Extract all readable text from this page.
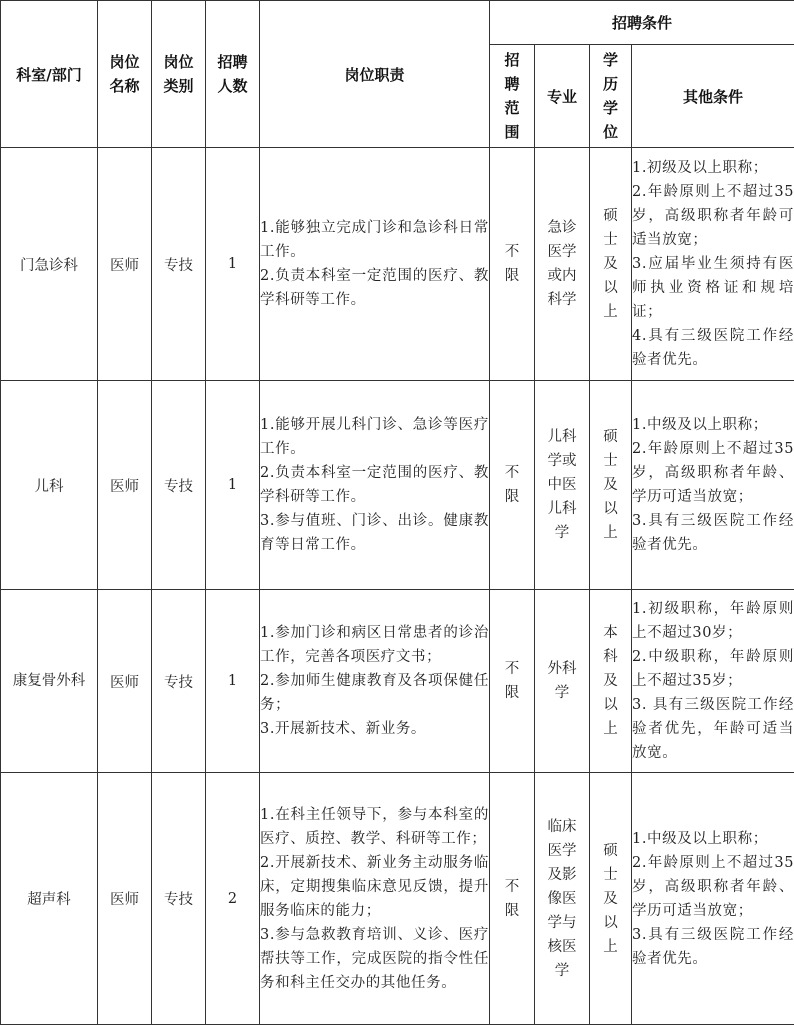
科室/部门	岗位名称	岗位类别	招聘人数	岗位职责	招聘条件			

					招聘范围	专业	学历学位	其他条件
门急诊科	医师	专技	1	1.能够独立完成门诊和急诊科日常工作。
2.负责本科室一定范围的医疗、教学科研等工作。	不限	急诊医学或内科学	硕士及以上	1.初级及以上职称；
2.年龄原则上不超过35岁，高级职称者年龄可适当放宽；
3.应届毕业生须持有医师执业资格证和规培证；
4.具有三级医院工作经验者优先。

儿科	医师	专技	1	1.能够开展儿科门诊、急诊等医疗工作。
2.负责本科室一定范围的医疗、教学科研等工作。
3.参与值班、门诊、出诊。健康教育等日常工作。	不限	儿科学或中医儿科学	硕士及以上	1.中级及以上职称；
2.年龄原则上不超过35岁，高级职称者年龄、学历可适当放宽；
3.具有三级医院工作经验者优先。

康复骨外科	医师	专技	1	1.参加门诊和病区日常患者的诊治工作，完善各项医疗文书；
2.参加师生健康教育及各项保健任务；
3.开展新技术、新业务。	不限	外科学	本科及以上	1.初级职称，年龄原则上不超过30岁；
2.中级职称，年龄原则上不超过35岁；
3. 具有三级医院工作经验者优先，年龄可适当放宽。

超声科	医师	专技	2	1.在科主任领导下，参与本科室的医疗、质控、教学、科研等工作；
2.开展新技术、新业务主动服务临床，定期搜集临床意见反馈，提升服务临床的能力；
3.参与急救教育培训、义诊、医疗帮扶等工作，完成医院的指令性任务和科主任交办的其他任务。	不限	临床医学及影像医学与核医学	硕士及以上	1.中级及以上职称；
2.年龄原则上不超过35岁，高级职称者年龄、学历可适当放宽；
3.具有三级医院工作经验者优先。
